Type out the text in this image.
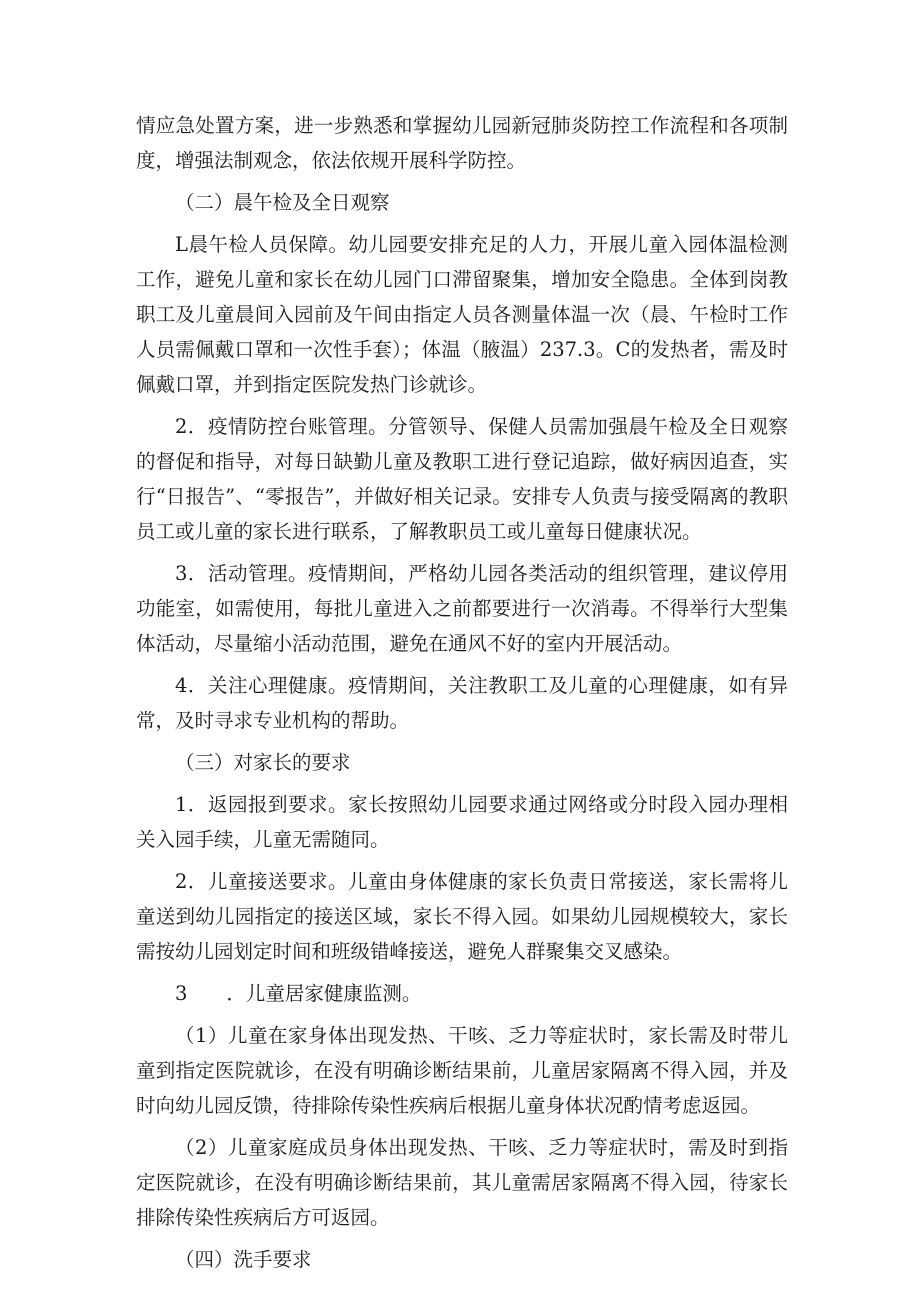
情应急处置方案，进一步熟悉和掌握幼儿园新冠肺炎防控工作流程和各项制度，增强法制观念，依法依规开展科学防控。

（二）晨午检及全日观察

L晨午检人员保障。幼儿园要安排充足的人力，开展儿童入园体温检测工作，避免儿童和家长在幼儿园门口滞留聚集，增加安全隐患。全体到岗教职工及儿童晨间入园前及午间由指定人员各测量体温一次（晨、午检时工作人员需佩戴口罩和一次性手套）；体温（腋温）237.3。C的发热者，需及时佩戴口罩，并到指定医院发热门诊就诊。

2．疫情防控台账管理。分管领导、保健人员需加强晨午检及全日观察的督促和指导，对每日缺勤儿童及教职工进行登记追踪，做好病因追查，实行“日报告”、“零报告”，并做好相关记录。安排专人负责与接受隔离的教职员工或儿童的家长进行联系，了解教职员工或儿童每日健康状况。

3．活动管理。疫情期间，严格幼儿园各类活动的组织管理，建议停用功能室，如需使用，每批儿童进入之前都要进行一次消毒。不得举行大型集体活动，尽量缩小活动范围，避免在通风不好的室内开展活动。

4．关注心理健康。疫情期间，关注教职工及儿童的心理健康，如有异常，及时寻求专业机构的帮助。

（三）对家长的要求

1．返园报到要求。家长按照幼儿园要求通过网络或分时段入园办理相关入园手续，儿童无需随同。

2．儿童接送要求。儿童由身体健康的家长负责日常接送，家长需将儿童送到幼儿园指定的接送区域，家长不得入园。如果幼儿园规模较大，家长需按幼儿园划定时间和班级错峰接送，避免人群聚集交叉感染。

3　　．儿童居家健康监测。

（1）儿童在家身体出现发热、干咳、乏力等症状时，家长需及时带儿童到指定医院就诊，在没有明确诊断结果前，儿童居家隔离不得入园，并及时向幼儿园反馈，待排除传染性疾病后根据儿童身体状况酌情考虑返园。

（2）儿童家庭成员身体出现发热、干咳、乏力等症状时，需及时到指定医院就诊，在没有明确诊断结果前，其儿童需居家隔离不得入园，待家长排除传染性疾病后方可返园。

（四）洗手要求
